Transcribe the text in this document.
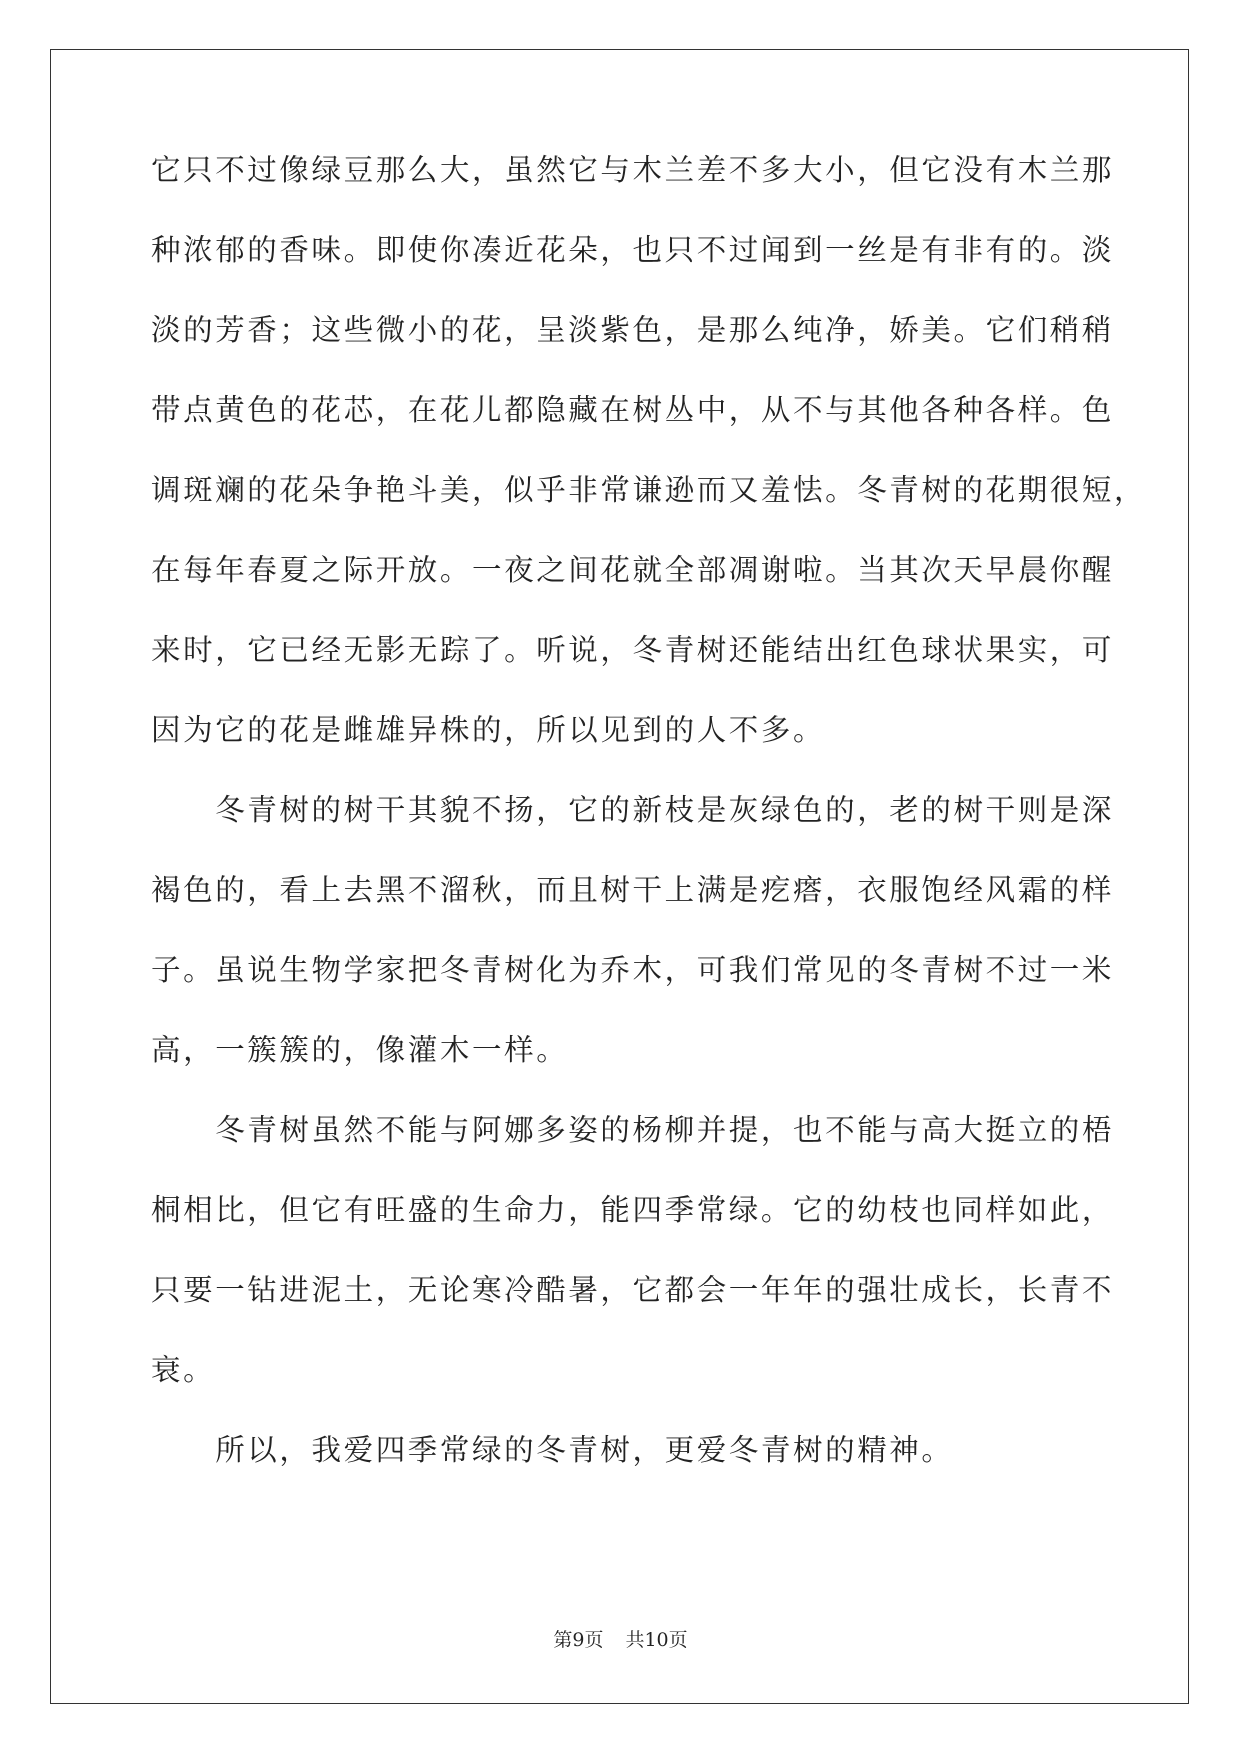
它只不过像绿豆那么大，虽然它与木兰差不多大小，但它没有木兰那
种浓郁的香味。即使你凑近花朵，也只不过闻到一丝是有非有的。淡
淡的芳香；这些微小的花，呈淡紫色，是那么纯净，娇美。它们稍稍
带点黄色的花芯，在花儿都隐藏在树丛中，从不与其他各种各样。色
调斑斓的花朵争艳斗美，似乎非常谦逊而又羞怯。冬青树的花期很短，
在每年春夏之际开放。一夜之间花就全部凋谢啦。当其次天早晨你醒
来时，它已经无影无踪了。听说，冬青树还能结出红色球状果实，可
因为它的花是雌雄异株的，所以见到的人不多。
　　冬青树的树干其貌不扬，它的新枝是灰绿色的，老的树干则是深
褐色的，看上去黑不溜秋，而且树干上满是疙瘩，衣服饱经风霜的样
子。虽说生物学家把冬青树化为乔木，可我们常见的冬青树不过一米
高，一簇簇的，像灌木一样。
　　冬青树虽然不能与阿娜多姿的杨柳并提，也不能与高大挺立的梧
桐相比，但它有旺盛的生命力，能四季常绿。它的幼枝也同样如此，
只要一钻进泥土，无论寒冷酷暑，它都会一年年的强壮成长，长青不
衰。
　　所以，我爱四季常绿的冬青树，更爱冬青树的精神。
第9页 共10页
